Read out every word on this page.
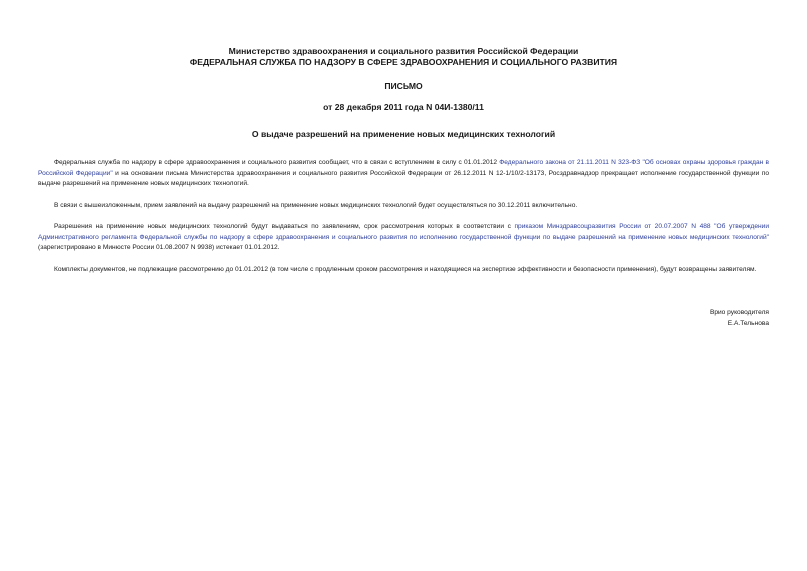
Министерство здравоохранения и социального развития Российской Федерации
ФЕДЕРАЛЬНАЯ СЛУЖБА ПО НАДЗОРУ В СФЕРЕ ЗДРАВООХРАНЕНИЯ И СОЦИАЛЬНОГО РАЗВИТИЯ
ПИСЬМО
от 28 декабря 2011 года N 04И-1380/11
О выдаче разрешений на применение новых медицинских технологий

Федеральная служба по надзору в сфере здравоохранения и социального развития сообщает, что в связи с вступлением в силу с 01.01.2012 Федерального закона от 21.11.2011 N 323-ФЗ "Об основах охраны здоровья граждан в Российской Федерации" и на основании письма Министерства здравоохранения и социального развития Российской Федерации от 26.12.2011 N 12-1/10/2-13173, Росздравнадзор прекращает исполнение государственной функции по выдаче разрешений на применение новых медицинских технологий.

В связи с вышеизложенным, прием заявлений на выдачу разрешений на применение новых медицинских технологий будет осуществляться по 30.12.2011 включительно.

Разрешения на применение новых медицинских технологий будут выдаваться по заявлениям, срок рассмотрения которых в соответствии с приказом Минздравсоцразвития России от 20.07.2007 N 488 "Об утверждении Административного регламента Федеральной службы по надзору в сфере здравоохранения и социального развития по исполнению государственной функции по выдаче разрешений на применение новых медицинских технологий" (зарегистрировано в Минюсте России 01.08.2007 N 9938) истекает 01.01.2012.

Комплекты документов, не подлежащие рассмотрению до 01.01.2012 (в том числе с продленным сроком рассмотрения и находящиеся на экспертизе эффективности и безопасности применения), будут возвращены заявителям.

Врио руководителя
Е.А.Тельнова
